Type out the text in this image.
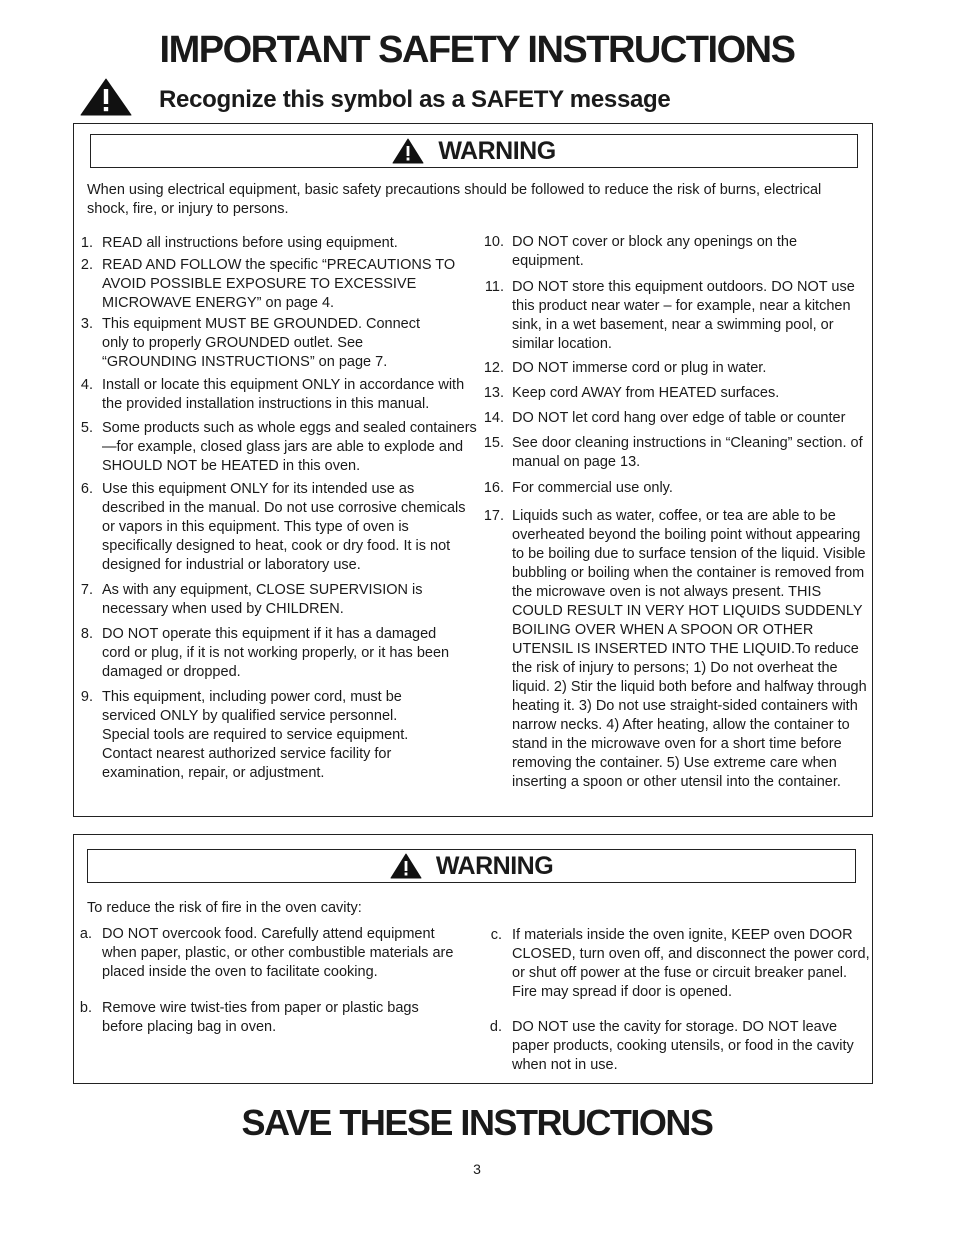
IMPORTANT SAFETY INSTRUCTIONS
Recognize this symbol as a SAFETY message
WARNING
When using electrical equipment, basic safety precautions should be followed to reduce the risk of burns, electrical shock, fire, or injury to persons.
1. READ all instructions before using equipment.
2. READ AND FOLLOW the specific “PRECAUTIONS TO AVOID POSSIBLE EXPOSURE TO EXCESSIVE MICROWAVE ENERGY” on page 4.
3. This equipment MUST BE GROUNDED. Connect only to properly GROUNDED outlet. See “GROUNDING INSTRUCTIONS” on page 7.
4. Install or locate this equipment ONLY in accordance with the provided installation instructions in this manual.
5. Some products such as whole eggs and sealed containers—for example, closed glass jars are able to explode and SHOULD NOT be HEATED in this oven.
6. Use this equipment ONLY for its intended use as described in the manual. Do not use corrosive chemicals or vapors in this equipment. This type of oven is specifically designed to heat, cook or dry food. It is not designed for industrial or laboratory use.
7. As with any equipment, CLOSE SUPERVISION is necessary when used by CHILDREN.
8. DO NOT operate this equipment if it has a damaged cord or plug, if it is not working properly, or it has been damaged or dropped.
9. This equipment, including power cord, must be serviced ONLY by qualified service personnel. Special tools are required to service equipment. Contact nearest authorized service facility for examination, repair, or adjustment.
10. DO NOT cover or block any openings on the equipment.
11. DO NOT store this equipment outdoors. DO NOT use this product near water – for example, near a kitchen sink, in a wet basement, near a swimming pool, or similar location.
12. DO NOT immerse cord or plug in water.
13. Keep cord AWAY from HEATED surfaces.
14. DO NOT let cord hang over edge of table or counter
15. See door cleaning instructions in “Cleaning” section. of manual on page 13.
16. For commercial use only.
17. Liquids such as water, coffee, or tea are able to be overheated beyond the boiling point without appearing to be boiling due to surface tension of the liquid. Visible bubbling or boiling when the container is removed from the microwave oven is not always present. THIS COULD RESULT IN VERY HOT LIQUIDS SUDDENLY BOILING OVER WHEN A SPOON OR OTHER UTENSIL IS INSERTED INTO THE LIQUID.To reduce the risk of injury to persons; 1) Do not overheat the liquid. 2) Stir the liquid both before and halfway through heating it. 3) Do not use straight-sided containers with narrow necks. 4) After heating, allow the container to stand in the microwave oven for a short time before removing the container. 5) Use extreme care when inserting a spoon or other utensil into the container.
WARNING
To reduce the risk of fire in the oven cavity:
a. DO NOT overcook food. Carefully attend equipment when paper, plastic, or other combustible materials are placed inside the oven to facilitate cooking.
b. Remove wire twist-ties from paper or plastic bags before placing bag in oven.
c. If materials inside the oven ignite, KEEP oven DOOR CLOSED, turn oven off, and disconnect the power cord, or shut off power at the fuse or circuit breaker panel. Fire may spread if door is opened.
d. DO NOT use the cavity for storage. DO NOT leave paper products, cooking utensils, or food in the cavity when not in use.
SAVE THESE INSTRUCTIONS
3
